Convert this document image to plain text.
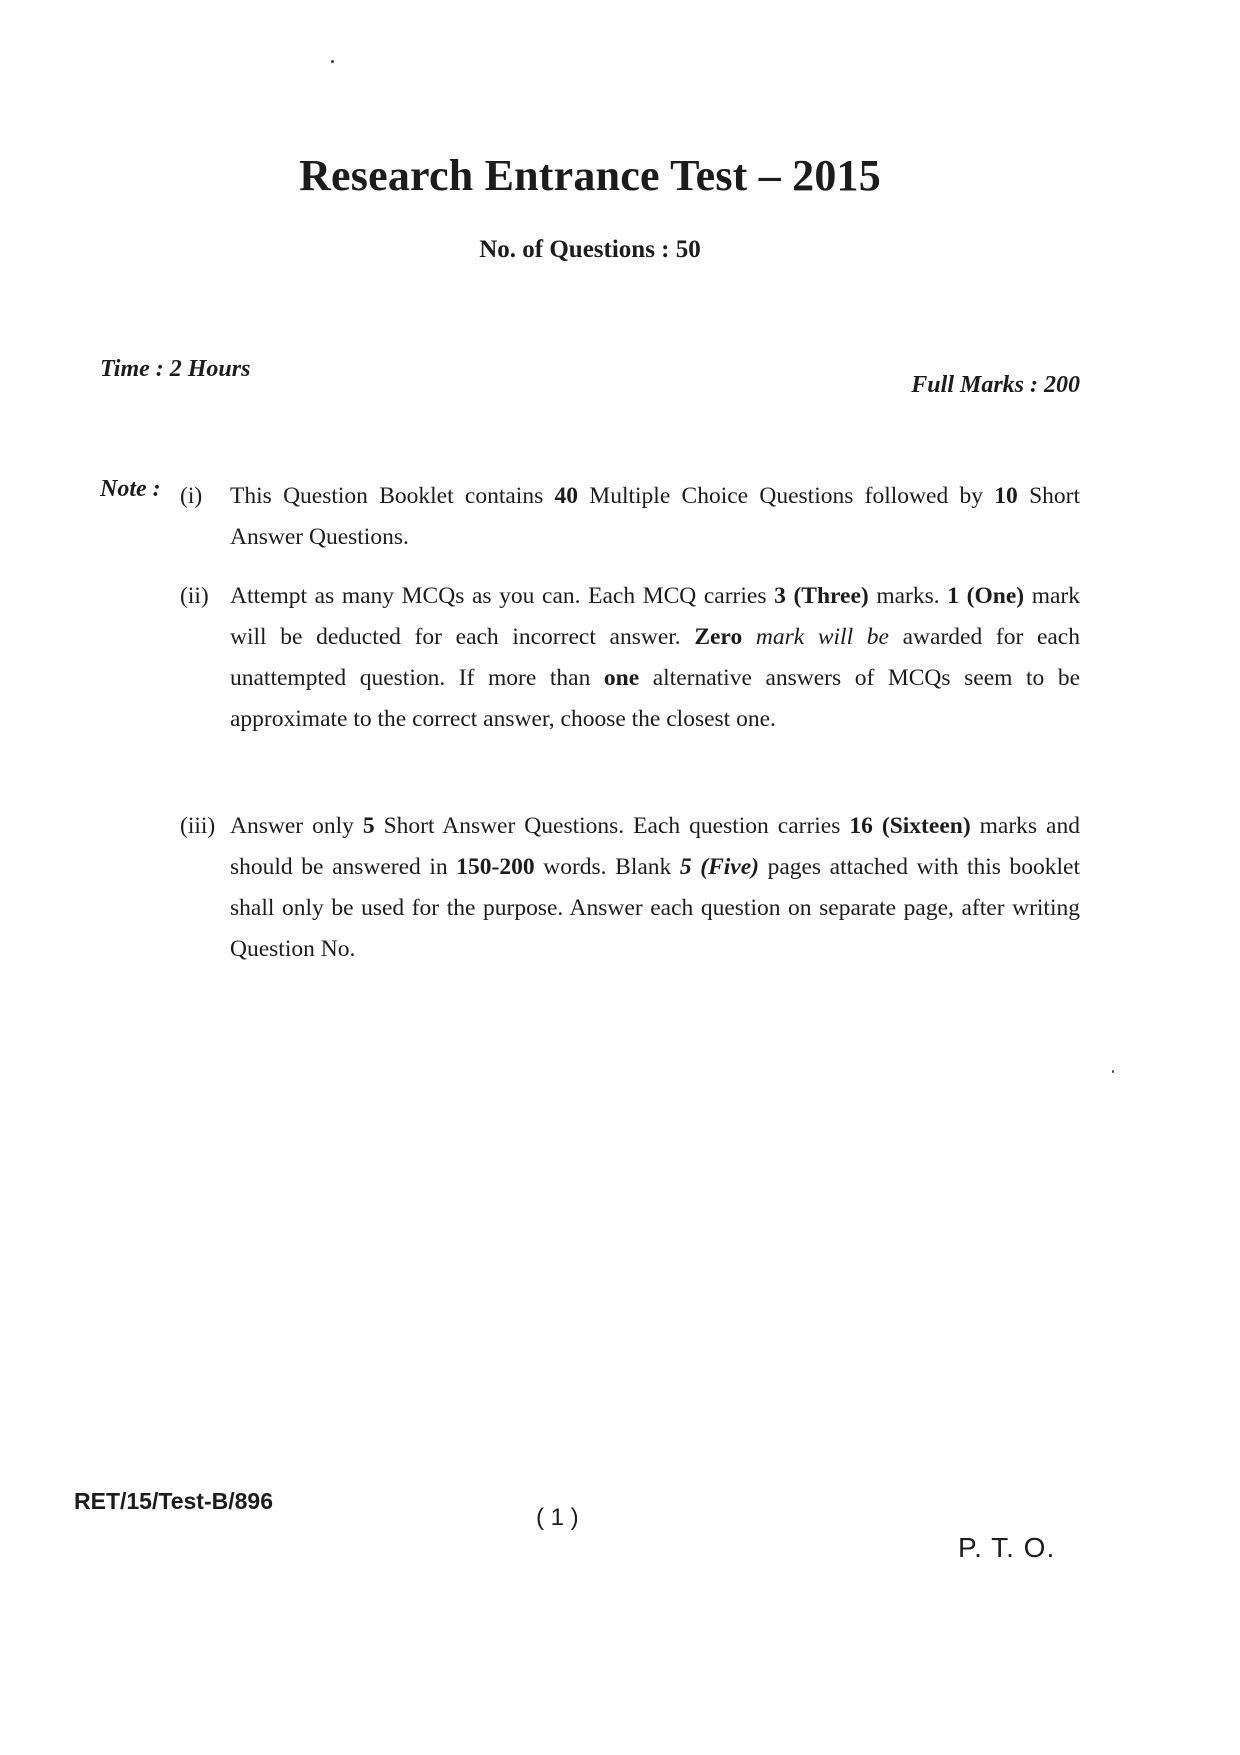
Research Entrance Test – 2015
No. of Questions : 50
Time : 2 Hours
Full Marks : 200
Note : (i) This Question Booklet contains 40 Multiple Choice Questions followed by 10 Short Answer Questions.
(ii) Attempt as many MCQs as you can. Each MCQ carries 3 (Three) marks. 1 (One) mark will be deducted for each incorrect answer. Zero mark will be awarded for each unattempted question. If more than one alternative answers of MCQs seem to be approximate to the correct answer, choose the closest one.
(iii) Answer only 5 Short Answer Questions. Each question carries 16 (Sixteen) marks and should be answered in 150-200 words. Blank 5 (Five) pages attached with this booklet shall only be used for the purpose. Answer each question on separate page, after writing Question No.
RET/15/Test-B/896
( 1 )
P. T. O.
